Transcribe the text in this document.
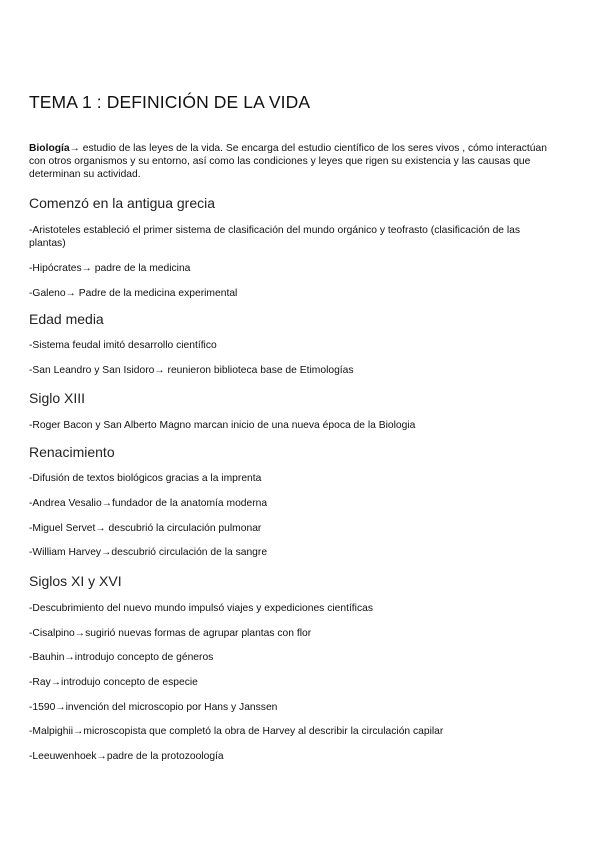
TEMA 1 : DEFINICIÓN DE LA VIDA

Biología→ estudio de las leyes de la vida. Se encarga del estudio científico de los seres vivos , cómo interactúan con otros organismos y su entorno, así como las condiciones y leyes que rigen su existencia y las causas que determinan su actividad.

Comenzó en la antigua grecia

-Aristoteles estableció el primer sistema de clasificación del mundo orgánico y teofrasto (clasificación de las plantas)

-Hipócrates→ padre de la medicina

-Galeno→ Padre de la medicina experimental

Edad media

-Sistema feudal imitó desarrollo científico

-San Leandro y San Isidoro→ reunieron biblioteca base de Etimologías

Siglo XIII

-Roger Bacon y San Alberto Magno marcan inicio de una nueva época de la Biologia

Renacimiento

-Difusión de textos biológicos gracias a la imprenta

-Andrea Vesalio→fundador de la anatomía moderna

-Miguel Servet→ descubrió la circulación pulmonar

-William Harvey→descubrió circulación de la sangre

Siglos XI y XVI

-Descubrimiento del nuevo mundo impulsó viajes y expediciones científicas

-Cisalpino→sugirió nuevas formas de agrupar plantas con flor

-Bauhin→introdujo concepto de géneros

-Ray→introdujo concepto de especie

-1590→invención del microscopio por Hans y Janssen

-Malpighii→microscopista que completó la obra de Harvey al describir la circulación capilar

-Leeuwenhoek→padre de la protozoología
